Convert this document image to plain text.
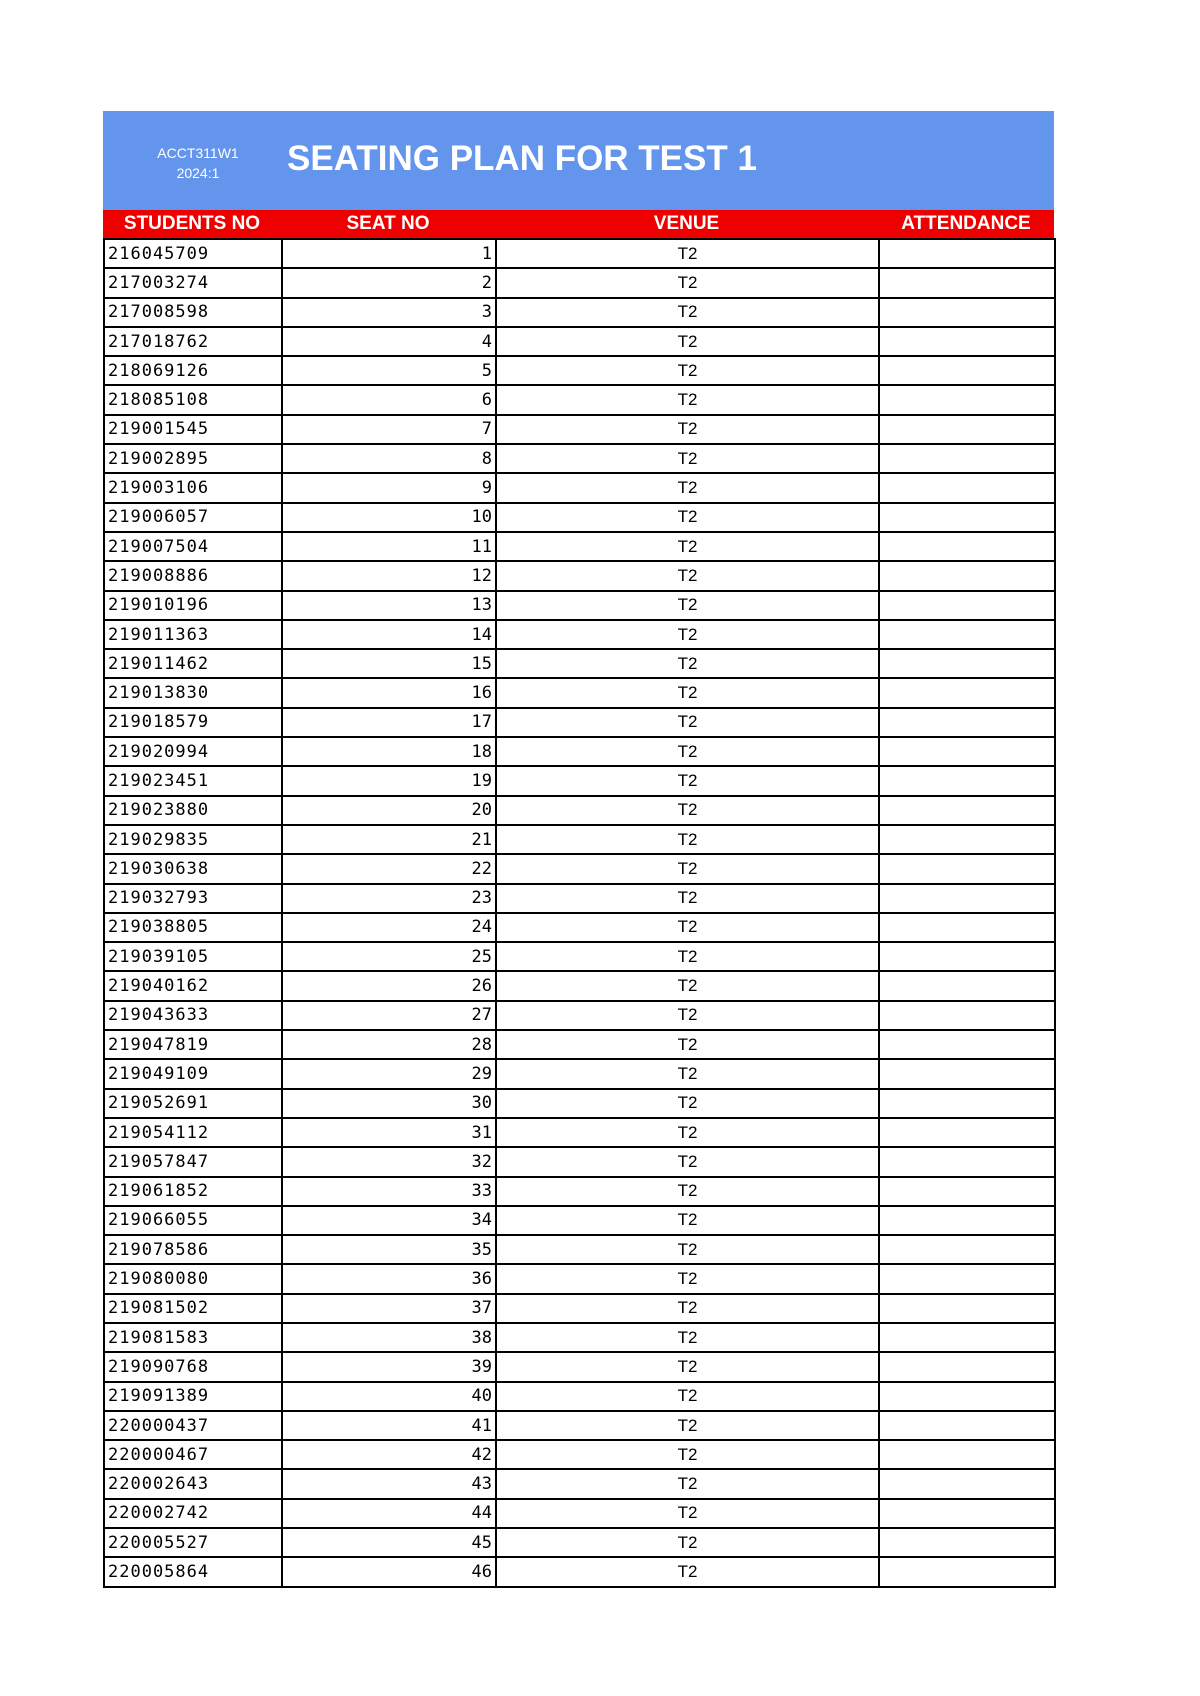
ACCT311W1
2024:1	SEATING PLAN FOR TEST 1
STUDENTS NO	SEAT NO	VENUE	ATTENDANCE
216045709	1	T2	
217003274	2	T2	
217008598	3	T2	
217018762	4	T2	
218069126	5	T2	
218085108	6	T2	
219001545	7	T2	
219002895	8	T2	
219003106	9	T2	
219006057	10	T2	
219007504	11	T2	
219008886	12	T2	
219010196	13	T2	
219011363	14	T2	
219011462	15	T2	
219013830	16	T2	
219018579	17	T2	
219020994	18	T2	
219023451	19	T2	
219023880	20	T2	
219029835	21	T2	
219030638	22	T2	
219032793	23	T2	
219038805	24	T2	
219039105	25	T2	
219040162	26	T2	
219043633	27	T2	
219047819	28	T2	
219049109	29	T2	
219052691	30	T2	
219054112	31	T2	
219057847	32	T2	
219061852	33	T2	
219066055	34	T2	
219078586	35	T2	
219080080	36	T2	
219081502	37	T2	
219081583	38	T2	
219090768	39	T2	
219091389	40	T2	
220000437	41	T2	
220000467	42	T2	
220002643	43	T2	
220002742	44	T2	
220005527	45	T2	
220005864	46	T2	
